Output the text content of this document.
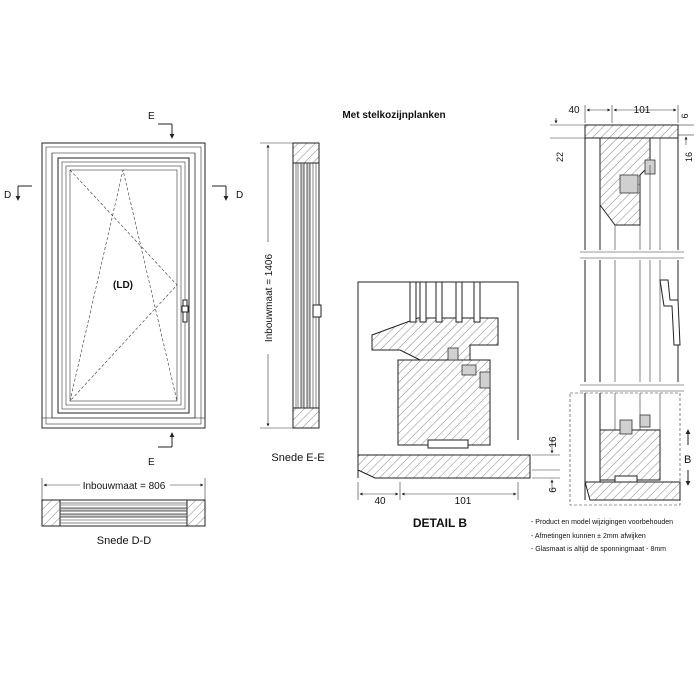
Met stelkozijnplanken
(LD)
E
E
D	D
Inbouwmaat = 806
Snede D-D
Inbouwmaat = 1406
Snede E-E
40	101
16
6
DETAIL B
40	101	6
16
22
B
- Product en model wijzigingen voorbehouden
- Afmetingen kunnen ± 2mm afwijken
- Glasmaat is altijd de sponningmaat - 8mm
